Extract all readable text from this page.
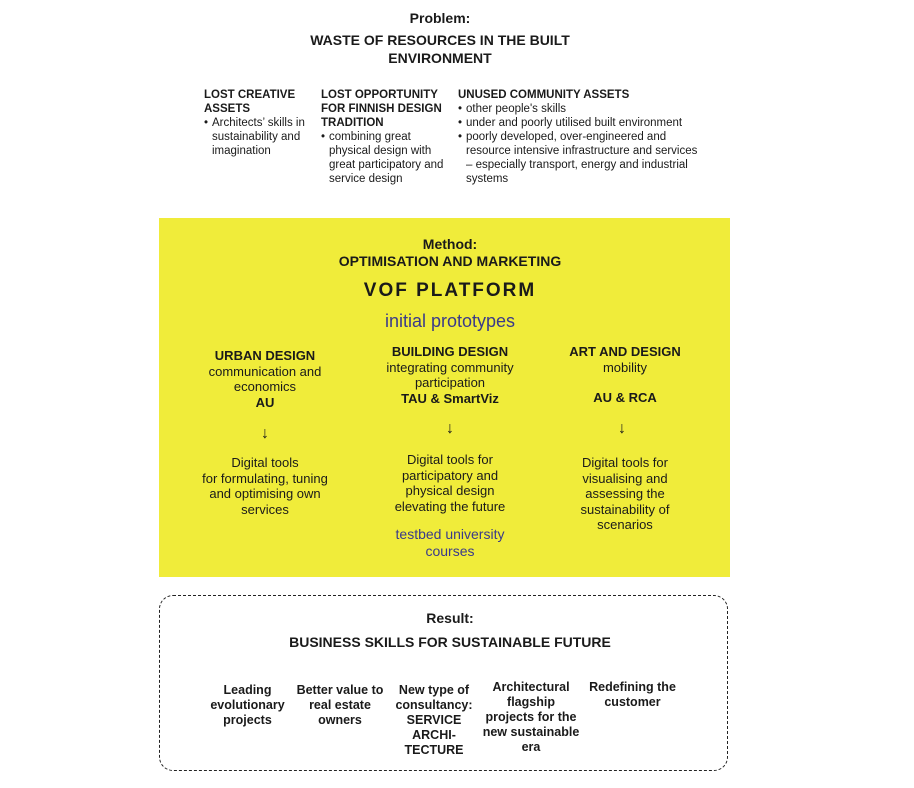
Problem:
WASTE OF RESOURCES IN THE BUILT
ENVIRONMENT
LOST CREATIVE
ASSETS
• Architects’ skills in
sustainability and
imagination
LOST OPPORTUNITY
FOR FINNISH DESIGN
TRADITION
• combining great
physical design with
great participatory and
service design
UNUSED COMMUNITY ASSETS
• other people's skills
• under and poorly utilised built environment
• poorly developed, over-engineered and
resource intensive infrastructure and services
– especially transport, energy and industrial
systems
Method:
OPTIMISATION AND MARKETING
VOF PLATFORM
initial prototypes
URBAN DESIGN
communication and
economics
AU
↓
Digital tools
for formulating, tuning
and optimising own
services
BUILDING DESIGN
integrating community
participation
TAU & SmartViz
↓
Digital tools for
participatory and
physical design
elevating the future
testbed university
courses
ART AND DESIGN
mobility
AU & RCA
↓
Digital tools for
visualising and
assessing the
sustainability of
scenarios
Result:
BUSINESS SKILLS FOR SUSTAINABLE FUTURE
Leading
evolutionary
projects
Better value to
real estate
owners
New type of
consultancy:
SERVICE
ARCHI-
TECTURE
Architectural
flagship
projects for the
new sustainable
era
Redefining the
customer
